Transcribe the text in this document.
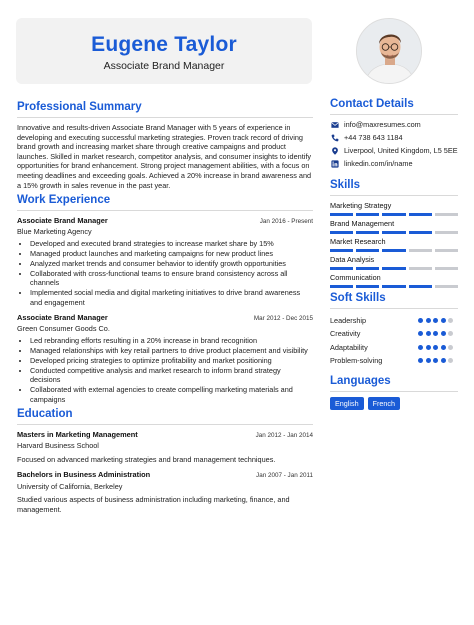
Eugene Taylor
Associate Brand Manager
Professional Summary
Innovative and results-driven Associate Brand Manager with 5 years of experience in developing and executing successful marketing strategies. Proven track record of driving brand growth and increasing market share through creative campaigns and product launches. Skilled in market research, competitor analysis, and consumer insights to identify opportunities for brand enhancement. Strong project management abilities, with a focus on meeting deadlines and exceeding goals. Achieved a 20% increase in brand awareness and a 15% growth in sales revenue in the past year.
Work Experience
Associate Brand Manager	Jan 2016 - Present
Blue Marketing Agency
• Developed and executed brand strategies to increase market share by 15%
• Managed product launches and marketing campaigns for new product lines
• Analyzed market trends and consumer behavior to identify growth opportunities
• Collaborated with cross-functional teams to ensure brand consistency across all channels
• Implemented social media and digital marketing initiatives to drive brand awareness and engagement
Associate Brand Manager	Mar 2012 - Dec 2015
Green Consumer Goods Co.
• Led rebranding efforts resulting in a 20% increase in brand recognition
• Managed relationships with key retail partners to drive product placement and visibility
• Developed pricing strategies to optimize profitability and market positioning
• Conducted competitive analysis and market research to inform brand strategy decisions
• Collaborated with external agencies to create compelling marketing materials and campaigns
Education
Masters in Marketing Management	Jan 2012 - Jan 2014
Harvard Business School
Focused on advanced marketing strategies and brand management techniques.
Bachelors in Business Administration	Jan 2007 - Jan 2011
University of California, Berkeley
Studied various aspects of business administration including marketing, finance, and management.
Contact Details
info@maxresumes.com
+44 738 643 1184
Liverpool, United Kingdom, L5 5EE
linkedin.com/in/name
Skills
Marketing Strategy
Brand Management
Market Research
Data Analysis
Communication
Soft Skills
Leadership
Creativity
Adaptability
Problem-solving
Languages
English	French
